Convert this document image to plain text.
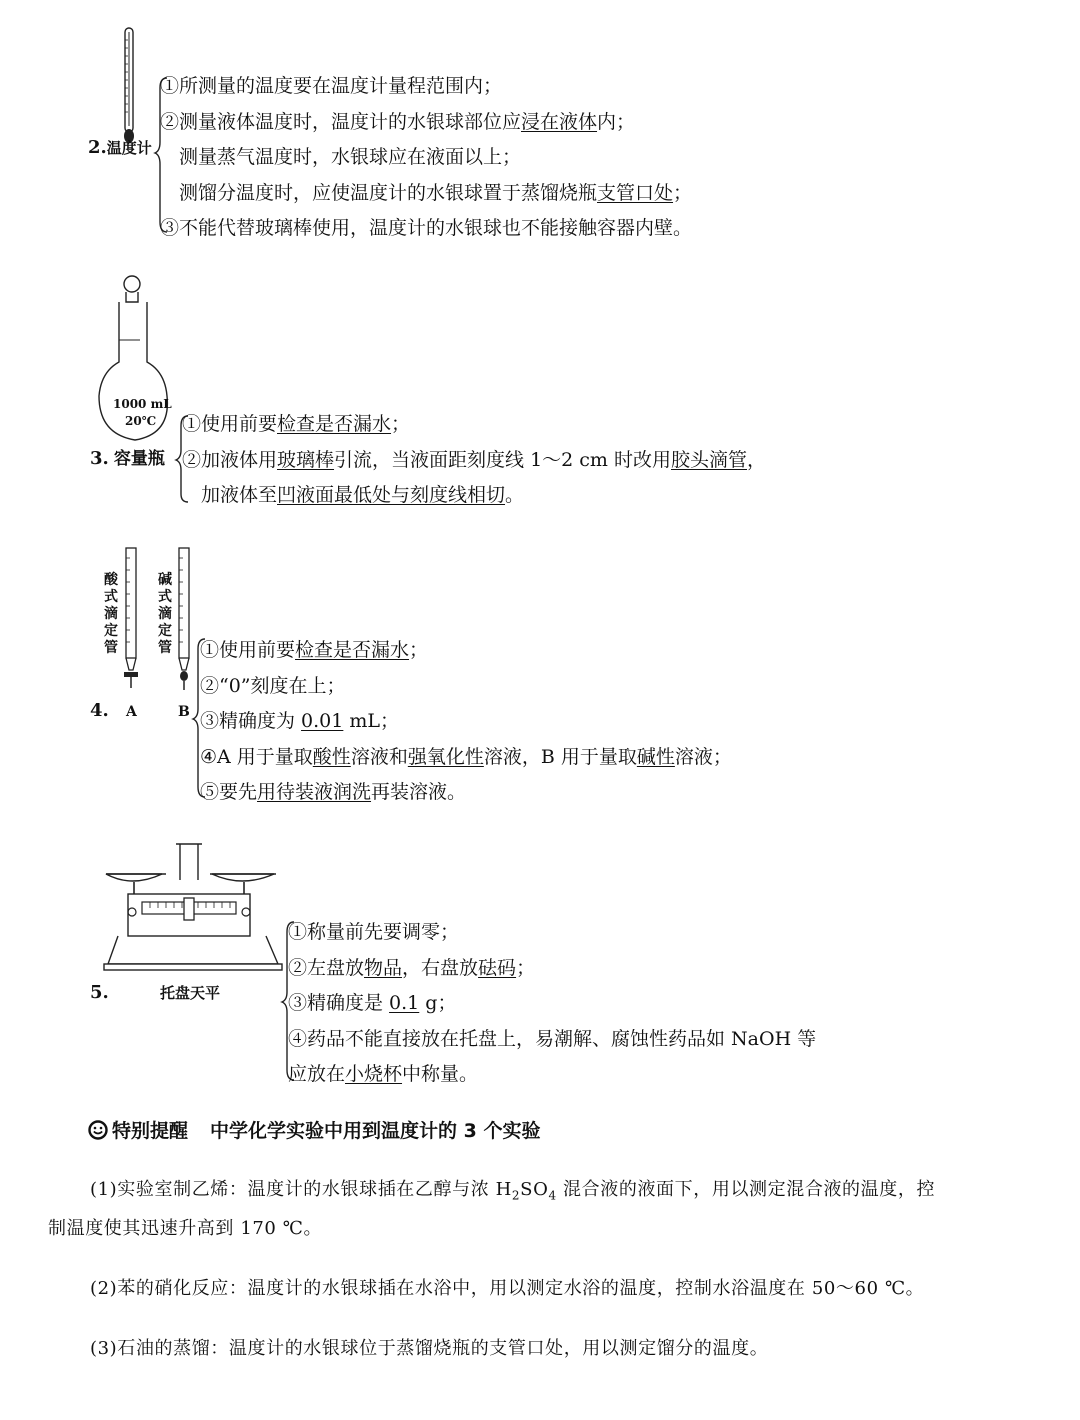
2.温度计
①所测量的温度要在温度计量程范围内；
②测量液体温度时，温度计的水银球部位应浸在液体内；
　测量蒸气温度时，水银球应在液面以上；
　测馏分温度时，应使温度计的水银球置于蒸馏烧瓶支管口处；
③不能代替玻璃棒使用，温度计的水银球也不能接触容器内壁。
1000 mL
20℃
3. 容量瓶
①使用前要检查是否漏水；
②加液体用玻璃棒引流，当液面距刻度线 1～2 cm 时改用胶头滴管，
　加液体至凹液面最低处与刻度线相切。
酸式滴定管
碱式滴定管
4. A	B
①使用前要检查是否漏水；
②“0”刻度在上；
③精确度为 0.01 mL；
④A 用于量取酸性溶液和强氧化性溶液，B 用于量取碱性溶液；
⑤要先用待装液润洗再装溶液。
5.	托盘天平
①称量前先要调零；
②左盘放物品，右盘放砝码；
③精确度是 0.1 g；
④药品不能直接放在托盘上，易潮解、腐蚀性药品如 NaOH 等
应放在小烧杯中称量。
特别提醒 中学化学实验中用到温度计的 3 个实验
(1)实验室制乙烯：温度计的水银球插在乙醇与浓 $H_2SO_4$ 混合液的液面下，用以测定混合液的温度，控
制温度使其迅速升高到 170 ℃。
(2)苯的硝化反应：温度计的水银球插在水浴中，用以测定水浴的温度，控制水浴温度在 50～60 ℃。
(3)石油的蒸馏：温度计的水银球位于蒸馏烧瓶的支管口处，用以测定馏分的温度。
